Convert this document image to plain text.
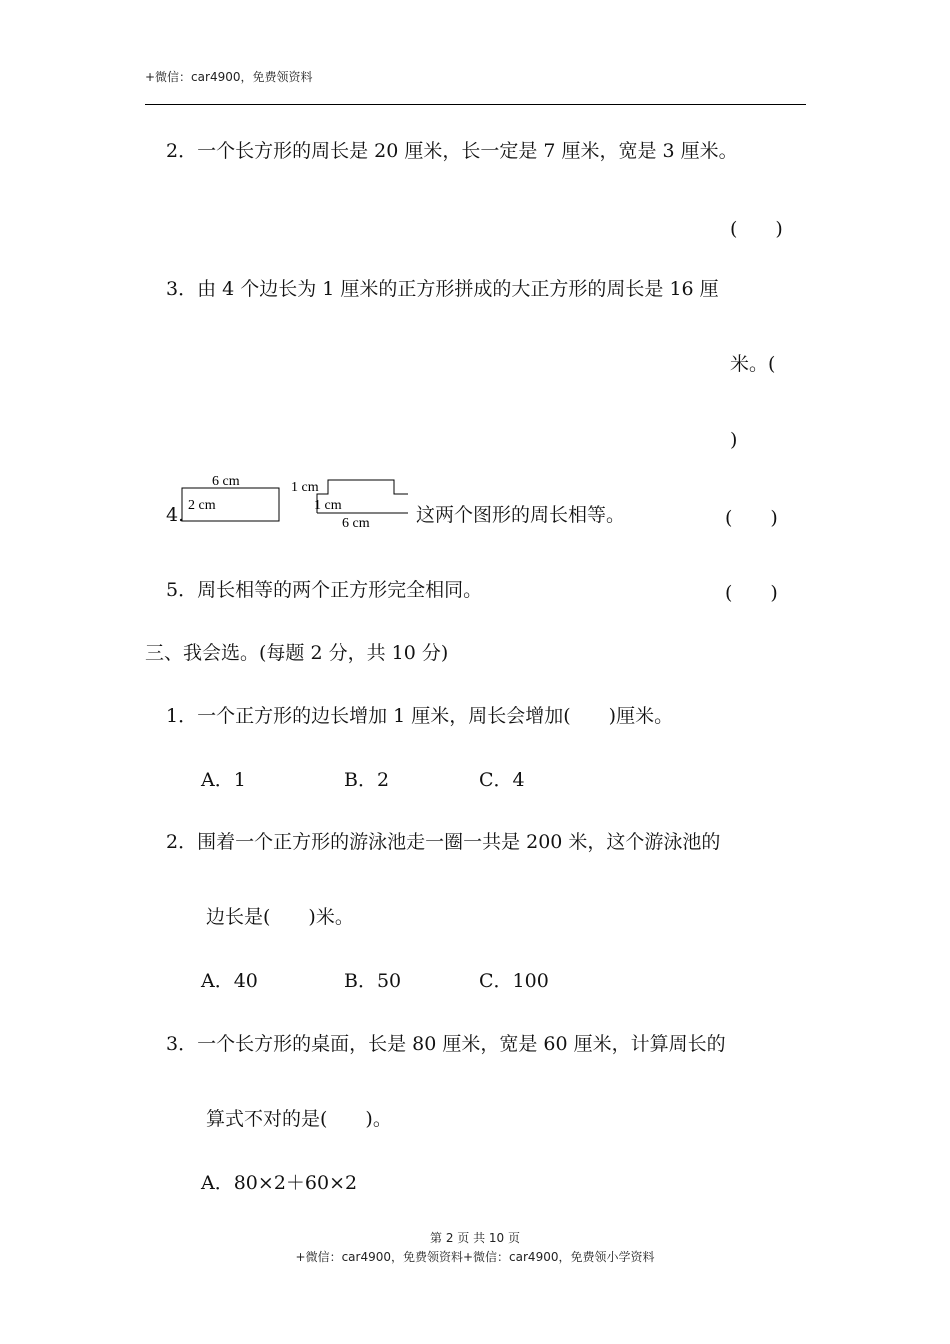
+微信：car4900，免费领资料
2．一个长方形的周长是 20 厘米，长一定是 7 厘米，宽是 3 厘米。
(　　)
3．由 4 个边长为 1 厘米的正方形拼成的大正方形的周长是 16 厘
米。(
)
4.
6 cm
2 cm
1 cm
1 cm
6 cm 这两个图形的周长相等。	(　　)
5．周长相等的两个正方形完全相同。	(　　)
三、我会选。(每题 2 分，共 10 分)
1．一个正方形的边长增加 1 厘米，周长会增加(　　)厘米。
A．1	B．2	C．4
2．围着一个正方形的游泳池走一圈一共是 200 米，这个游泳池的
边长是(　　)米。
A．40	B．50	C．100
3．一个长方形的桌面，长是 80 厘米，宽是 60 厘米，计算周长的
算式不对的是(　　)。
A．80×2＋60×2
第 2 页 共 10 页
+微信：car4900，免费领资料+微信：car4900，免费领小学资料
